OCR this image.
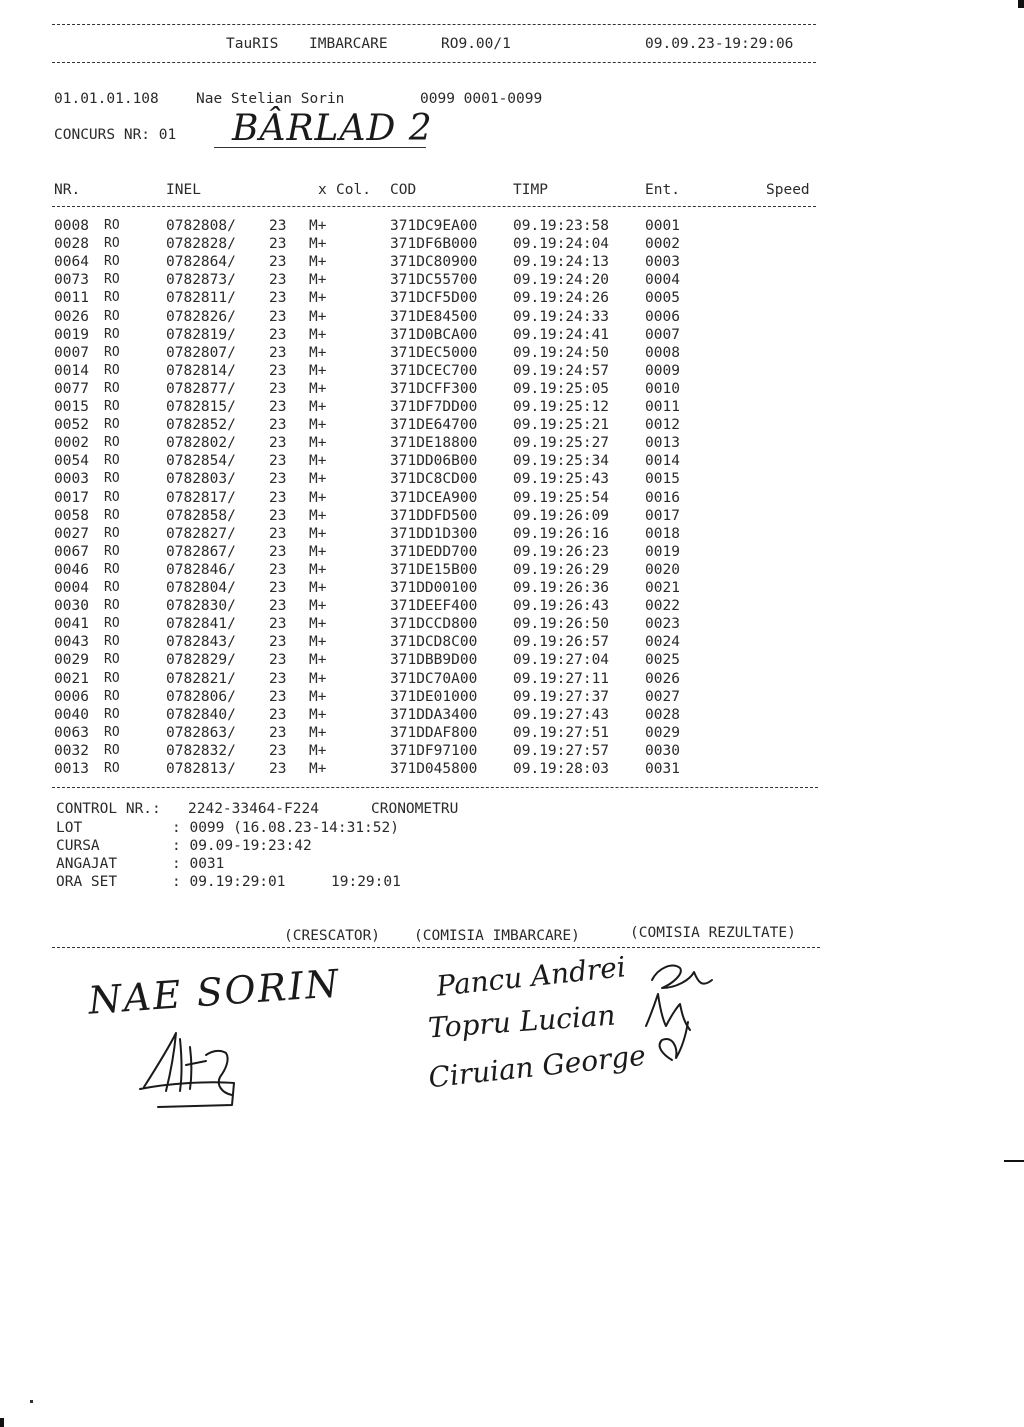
TauRIS IMBARCARE	RO9.00/1	09.09.23-19:29:06
01.01.01.108	Nae Stelian Sorin	0099 0001-0099
CONCURS NR: 01 BÂRLAD 2
NR.	INEL	x Col. COD	TIMP	Ent.	Speed
0008 RO	0782808/ 23 M+	371DC9EA00 09.19:23:58 0001
0028 RO	0782828/ 23 M+	371DF6B000 09.19:24:04 0002
0064 RO	0782864/ 23 M+	371DC80900 09.19:24:13 0003
0073 RO	0782873/ 23 M+	371DC55700 09.19:24:20 0004
0011 RO	0782811/ 23 M+	371DCF5D00 09.19:24:26 0005
0026 RO	0782826/ 23 M+	371DE84500 09.19:24:33 0006
0019 RO	0782819/ 23 M+	371D0BCA00 09.19:24:41 0007
0007 RO	0782807/ 23 M+	371DEC5000 09.19:24:50 0008
0014 RO	0782814/ 23 M+	371DCEC700 09.19:24:57 0009
0077 RO	0782877/ 23 M+	371DCFF300 09.19:25:05 0010
0015 RO	0782815/ 23 M+	371DF7DD00 09.19:25:12 0011
0052 RO	0782852/ 23 M+	371DE64700 09.19:25:21 0012
0002 RO	0782802/ 23 M+	371DE18800 09.19:25:27 0013
0054 RO	0782854/ 23 M+	371DD06B00 09.19:25:34 0014
0003 RO	0782803/ 23 M+	371DC8CD00 09.19:25:43 0015
0017 RO	0782817/ 23 M+	371DCEA900 09.19:25:54 0016
0058 RO	0782858/ 23 M+	371DDFD500 09.19:26:09 0017
0027 RO	0782827/ 23 M+	371DD1D300 09.19:26:16 0018
0067 RO	0782867/ 23 M+	371DEDD700 09.19:26:23 0019
0046 RO	0782846/ 23 M+	371DE15B00 09.19:26:29 0020
0004 RO	0782804/ 23 M+	371DD00100 09.19:26:36 0021
0030 RO	0782830/ 23 M+	371DEEF400 09.19:26:43 0022
0041 RO	0782841/ 23 M+	371DCCD800 09.19:26:50 0023
0043 RO	0782843/ 23 M+	371DCD8C00 09.19:26:57 0024
0029 RO	0782829/ 23 M+	371DBB9D00 09.19:27:04 0025
0021 RO	0782821/ 23 M+	371DC70A00 09.19:27:11 0026
0006 RO	0782806/ 23 M+	371DE01000 09.19:27:37 0027
0040 RO	0782840/ 23 M+	371DDA3400 09.19:27:43 0028
0063 RO	0782863/ 23 M+	371DDAF800 09.19:27:51 0029
0032 RO	0782832/ 23 M+	371DF97100 09.19:27:57 0030
0013 RO	0782813/ 23 M+	371D045800 09.19:28:03 0031
CONTROL NR.: 2242-33464-F224	CRONOMETRU
LOT	: 0099 (16.08.23-14:31:52)
CURSA	: 09.09-19:23:42
ANGAJAT	: 0031
ORA SET	: 09.19:29:01	19:29:01
(CRESCATOR) (COMISIA IMBARCARE)	(COMISIA REZULTATE)
NAE SORIN	Pancu Andrei
Topru Lucian
Ciruian George
